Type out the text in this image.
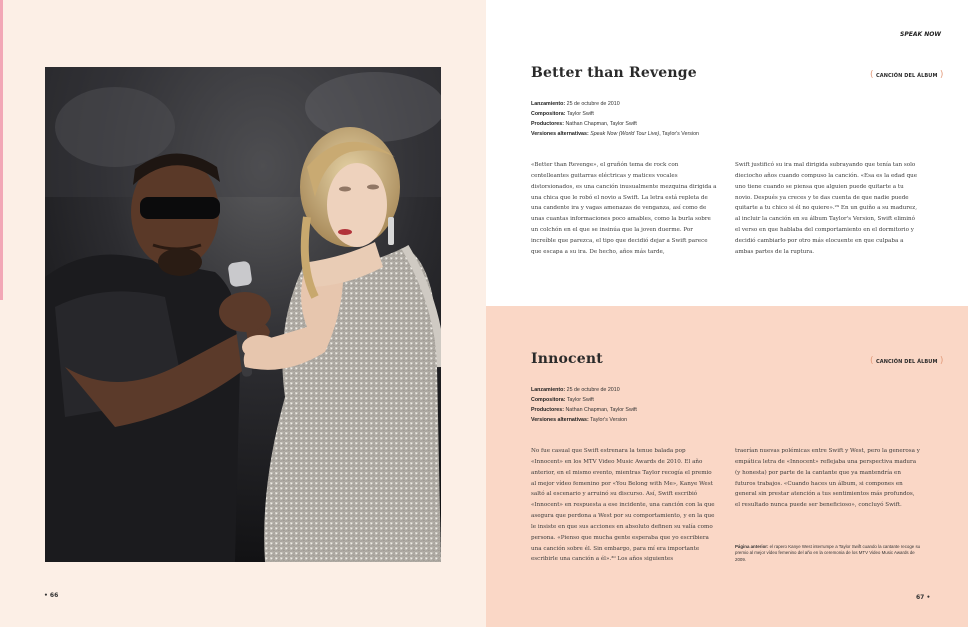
• 66
SPEAK NOW
Better than Revenge	( CANCIÓN DEL ÁLBUM )
Lanzamiento: 25 de octubre de 2010
Compositora: Taylor Swift
Productores: Nathan Chapman, Taylor Swift
Versiones alternativas: Speak Now (World Tour Live), Taylor's Version

«Better than Revenge», el gruñón tema de rock con centelleantes guitarras eléctricas y matices vocales distorsionados, es una canción inusualmente mezquina dirigida a una chica que le robó el novio a Swift. La letra está repleta de una candente ira y vagas amenazas de venganza, así como de unas cuantas informaciones poco amables, como la burla sobre un colchón en el que se insinúa que la joven duerme. Por increíble que parezca, el tipo que decidió dejar a Swift parece que escapa a su ira. De hecho, años más tarde,

Swift justificó su ira mal dirigida subrayando que tenía tan solo dieciocho años cuando compuso la canción. «Esa es la edad que uno tiene cuando se piensa que alguien puede quitarte a tu novio. Después ya creces y te das cuenta de que nadie puede quitarte a tu chico si él no quiere».²⁹ En un guiño a su madurez, al incluir la canción en su álbum Taylor's Version, Swift eliminó el verso en que hablaba del comportamiento en el dormitorio y decidió cambiarlo por otro más elocuente en que culpaba a ambas partes de la ruptura.

Innocent	( CANCIÓN DEL ÁLBUM )
Lanzamiento: 25 de octubre de 2010
Compositora: Taylor Swift
Productores: Nathan Chapman, Taylor Swift
Versiones alternativas: Taylor's Version

No fue casual que Swift estrenara la tenue balada pop «Innocent» en los MTV Video Music Awards de 2010. El año anterior, en el mismo evento, mientras Taylor recogía el premio al mejor vídeo femenino por «You Belong with Me», Kanye West saltó al escenario y arruinó su discurso. Así, Swift escribió «Innocent» en respuesta a ese incidente, una canción con la que asegura que perdona a West por su comportamiento, y en la que le insiste en que sus acciones en absoluto definen su valía como persona. «Pienso que mucha gente esperaba que yo escribiera una canción sobre él. Sin embargo, para mí era importante escribirle una canción a él».³⁰ Los años siguientes

traerían nuevas polémicas entre Swift y West, pero la generosa y empática letra de «Innocent» reflejaba una perspectiva madura (y honesta) por parte de la cantante que ya mantendría en futuros trabajos. «Cuando haces un álbum, si compones en general sin prestar atención a tus sentimientos más profundos, el resultado nunca puede ser beneficioso», concluyó Swift.

Página anterior: el rapero Kanye West interrumpe a Taylor Swift cuando la cantante recoge su premio al mejor vídeo femenino del año en la ceremonia de los MTV Video Music Awards de 2009.
67 •
